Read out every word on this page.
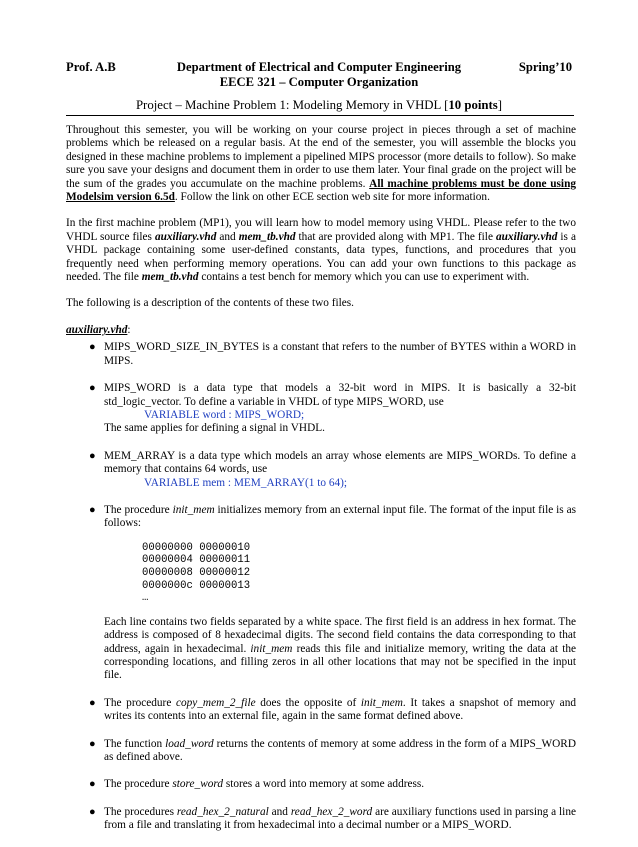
Prof. A.B	Department of Electrical and Computer Engineering
EECE 321 – Computer Organization
Spring’10
Project – Machine Problem 1: Modeling Memory in VHDL [10 points]

Throughout this semester, you will be working on your course project in pieces through a set of machine problems which be released on a regular basis. At the end of the semester, you will assemble the blocks you designed in these machine problems to implement a pipelined MIPS processor (more details to follow). So make sure you save your designs and document them in order to use them later. Your final grade on the project will be the sum of the grades you accumulate on the machine problems. All machine problems must be done using Modelsim version 6.5d. Follow the link on other ECE section web site for more information.

In the first machine problem (MP1), you will learn how to model memory using VHDL. Please refer to the two VHDL source files auxiliary.vhd and mem_tb.vhd that are provided along with MP1. The file auxiliary.vhd is a VHDL package containing some user-defined constants, data types, functions, and procedures that you frequently need when performing memory operations. You can add your own functions to this package as needed. The file mem_tb.vhd contains a test bench for memory which you can use to experiment with.

The following is a description of the contents of these two files.

auxiliary.vhd:

● MIPS_WORD_SIZE_IN_BYTES is a constant that refers to the number of BYTES within a WORD in MIPS.
● MIPS_WORD is a data type that models a 32-bit word in MIPS. It is basically a 32-bit std_logic_vector. To define a variable in VHDL of type MIPS_WORD, use
VARIABLE word : MIPS_WORD;
The same applies for defining a signal in VHDL.
● MEM_ARRAY is a data type which models an array whose elements are MIPS_WORDs. To define a memory that contains 64 words, use
VARIABLE mem : MEM_ARRAY(1 to 64);
● The procedure init_mem initializes memory from an external input file. The format of the input file is as follows:
00000000 00000010
00000004 00000011
00000008 00000012
0000000c 00000013
…
Each line contains two fields separated by a white space. The first field is an address in hex format. The address is composed of 8 hexadecimal digits. The second field contains the data corresponding to that address, again in hexadecimal. init_mem reads this file and initialize memory, writing the data at the corresponding locations, and filling zeros in all other locations that may not be specified in the input file.
● The procedure copy_mem_2_file does the opposite of init_mem. It takes a snapshot of memory and writes its contents into an external file, again in the same format defined above.
● The function load_word returns the contents of memory at some address in the form of a MIPS_WORD as defined above.
● The procedure store_word stores a word into memory at some address.
● The procedures read_hex_2_natural and read_hex_2_word are auxiliary functions used in parsing a line from a file and translating it from hexadecimal into a decimal number or a MIPS_WORD.
